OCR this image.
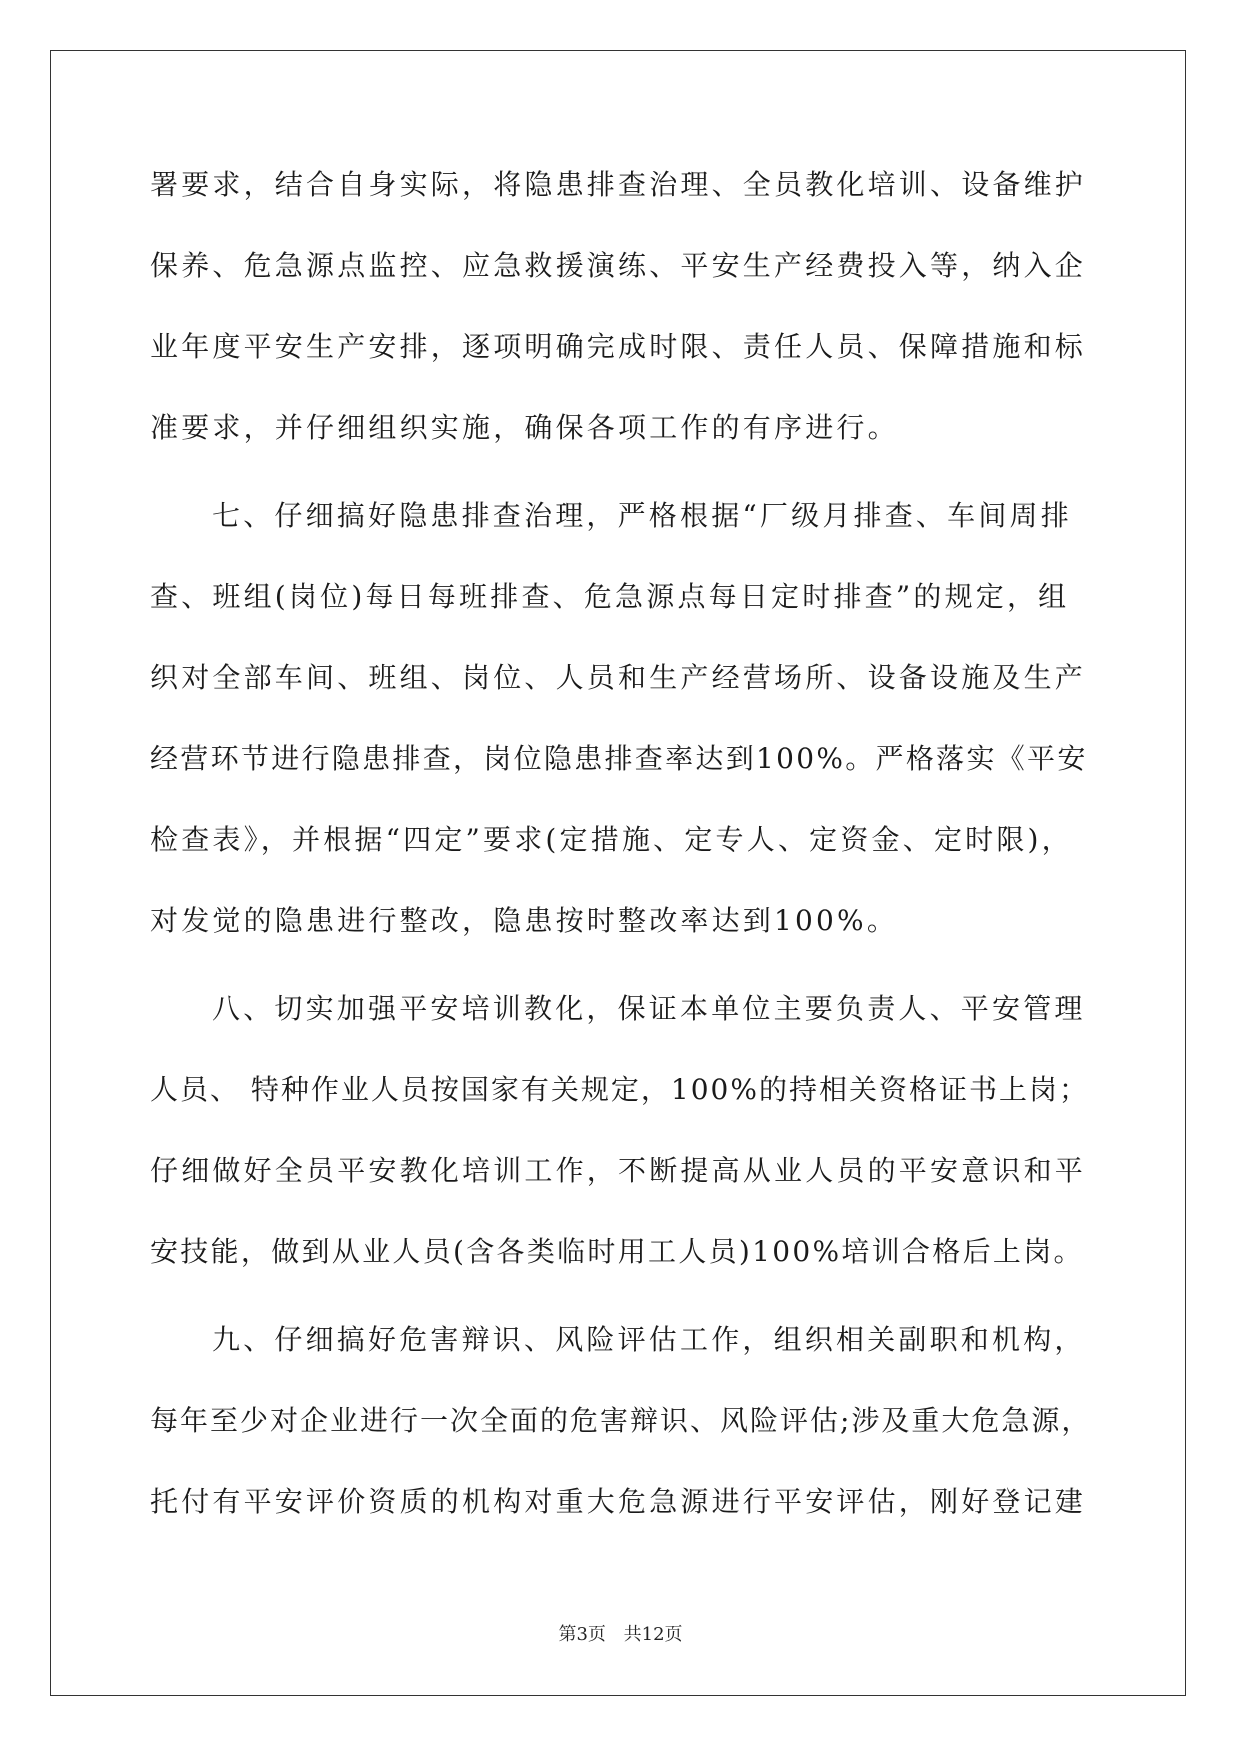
署要求，结合自身实际，将隐患排查治理、全员教化培训、设备维护
保养、危急源点监控、应急救援演练、平安生产经费投入等，纳入企
业年度平安生产安排，逐项明确完成时限、责任人员、保障措施和标
准要求，并仔细组织实施，确保各项工作的有序进行。
七、仔细搞好隐患排查治理，严格根据“厂级月排查、车间周排
查、班组(岗位)每日每班排查、危急源点每日定时排查”的规定，组
织对全部车间、班组、岗位、人员和生产经营场所、设备设施及生产
经营环节进行隐患排查，岗位隐患排查率达到100%。严格落实《平安
检查表》，并根据“四定”要求(定措施、定专人、定资金、定时限)，
对发觉的隐患进行整改，隐患按时整改率达到100%。
八、切实加强平安培训教化，保证本单位主要负责人、平安管理
人员、 特种作业人员按国家有关规定，100%的持相关资格证书上岗；
仔细做好全员平安教化培训工作，不断提高从业人员的平安意识和平
安技能，做到从业人员(含各类临时用工人员)100%培训合格后上岗。
九、仔细搞好危害辩识、风险评估工作，组织相关副职和机构，
每年至少对企业进行一次全面的危害辩识、风险评估;涉及重大危急源，
托付有平安评价资质的机构对重大危急源进行平安评估，刚好登记建
第3页 共12页
